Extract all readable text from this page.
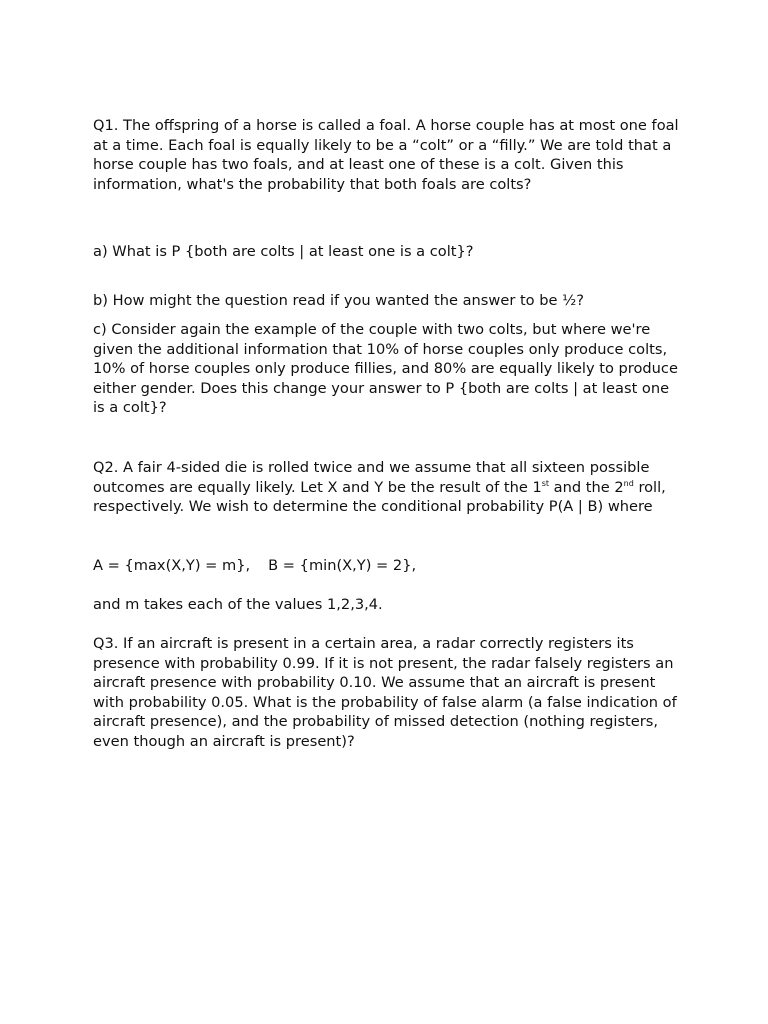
Q1. The offspring of a horse is called a foal. A horse couple has at most one foal at a time. Each foal is equally likely to be a “colt” or a “filly.” We are told that a horse couple has two foals, and at least one of these is a colt. Given this information, what's the probability that both foals are colts?

a) What is P {both are colts | at least one is a colt}?

b) How might the question read if you wanted the answer to be ½?

c) Consider again the example of the couple with two colts, but where we're given the additional information that 10% of horse couples only produce colts, 10% of horse couples only produce fillies, and 80% are equally likely to produce either gender. Does this change your answer to P {both are colts | at least one is a colt}?

Q2. A fair 4-sided die is rolled twice and we assume that all sixteen possible outcomes are equally likely. Let X and Y be the result of the 1st and the 2nd roll, respectively. We wish to determine the conditional probability P(A | B) where

A = {max(X,Y) = m}, B = {min(X,Y) = 2},

and m takes each of the values 1,2,3,4.

Q3. If an aircraft is present in a certain area, a radar correctly registers its presence with probability 0.99. If it is not present, the radar falsely registers an aircraft presence with probability 0.10. We assume that an aircraft is present with probability 0.05. What is the probability of false alarm (a false indication of aircraft presence), and the probability of missed detection (nothing registers, even though an aircraft is present)?
